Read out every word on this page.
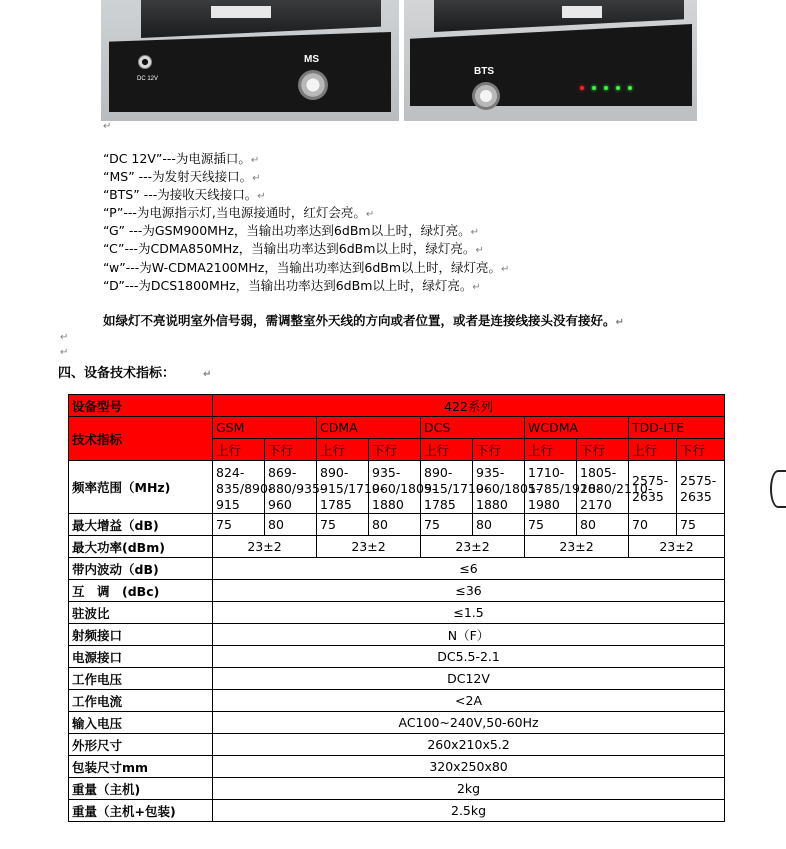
DC 12V
MS
BTS
↵
“DC 12V”---为电源插口。↵
“MS” ---为发射天线接口。↵
“BTS” ---为接收天线接口。↵
“P”---为电源指示灯,当电源接通时，红灯会亮。↵
“G” ---为GSM900MHz，当输出功率达到6dBm以上时，绿灯亮。↵
“C”---为CDMA850MHz，当输出功率达到6dBm以上时，绿灯亮。↵
“w”---为W-CDMA2100MHz，当输出功率达到6dBm以上时，绿灯亮。↵
“D”---为DCS1800MHz，当输出功率达到6dBm以上时，绿灯亮。↵
如绿灯不亮说明室外信号弱，需调整室外天线的方向或者位置，或者是连接线接头没有接好。↵
↵
↵
四、设备技术指标：	↵
设备型号	422系列									
技术指标	GSM		CDMA		DCS		WCDMA		TDD-LTE	
	上行	下行	上行	下行	上行	下行	上行	下行	上行	下行
频率范围（MHz)	824-835/890-915	869-880/935-960	890-915/1710-1785	935-960/1805-1880	890-915/1710-1785	935-960/1805-1880	1710-1785/1920-1980	1805-1880/2110-2170	2575-2635	2575-2635
最大增益（dB)	75	80	75	80	75	80	75	80	70	75
最大功率(dBm)	23±2		23±2		23±2		23±2		23±2	
带内波动（dB)	≤6									
互　调　(dBc)	≤36									
驻波比	≤1.5									
射频接口	N（F）									
电源接口	DC5.5-2.1									
工作电压	DC12V									
工作电流	<2A									
输入电压	AC100~240V,50-60Hz									
外形尺寸	260x210x5.2									
包装尺寸mm	320x250x80									
重量（主机)	2kg									
重量（主机+包装)	2.5kg									
